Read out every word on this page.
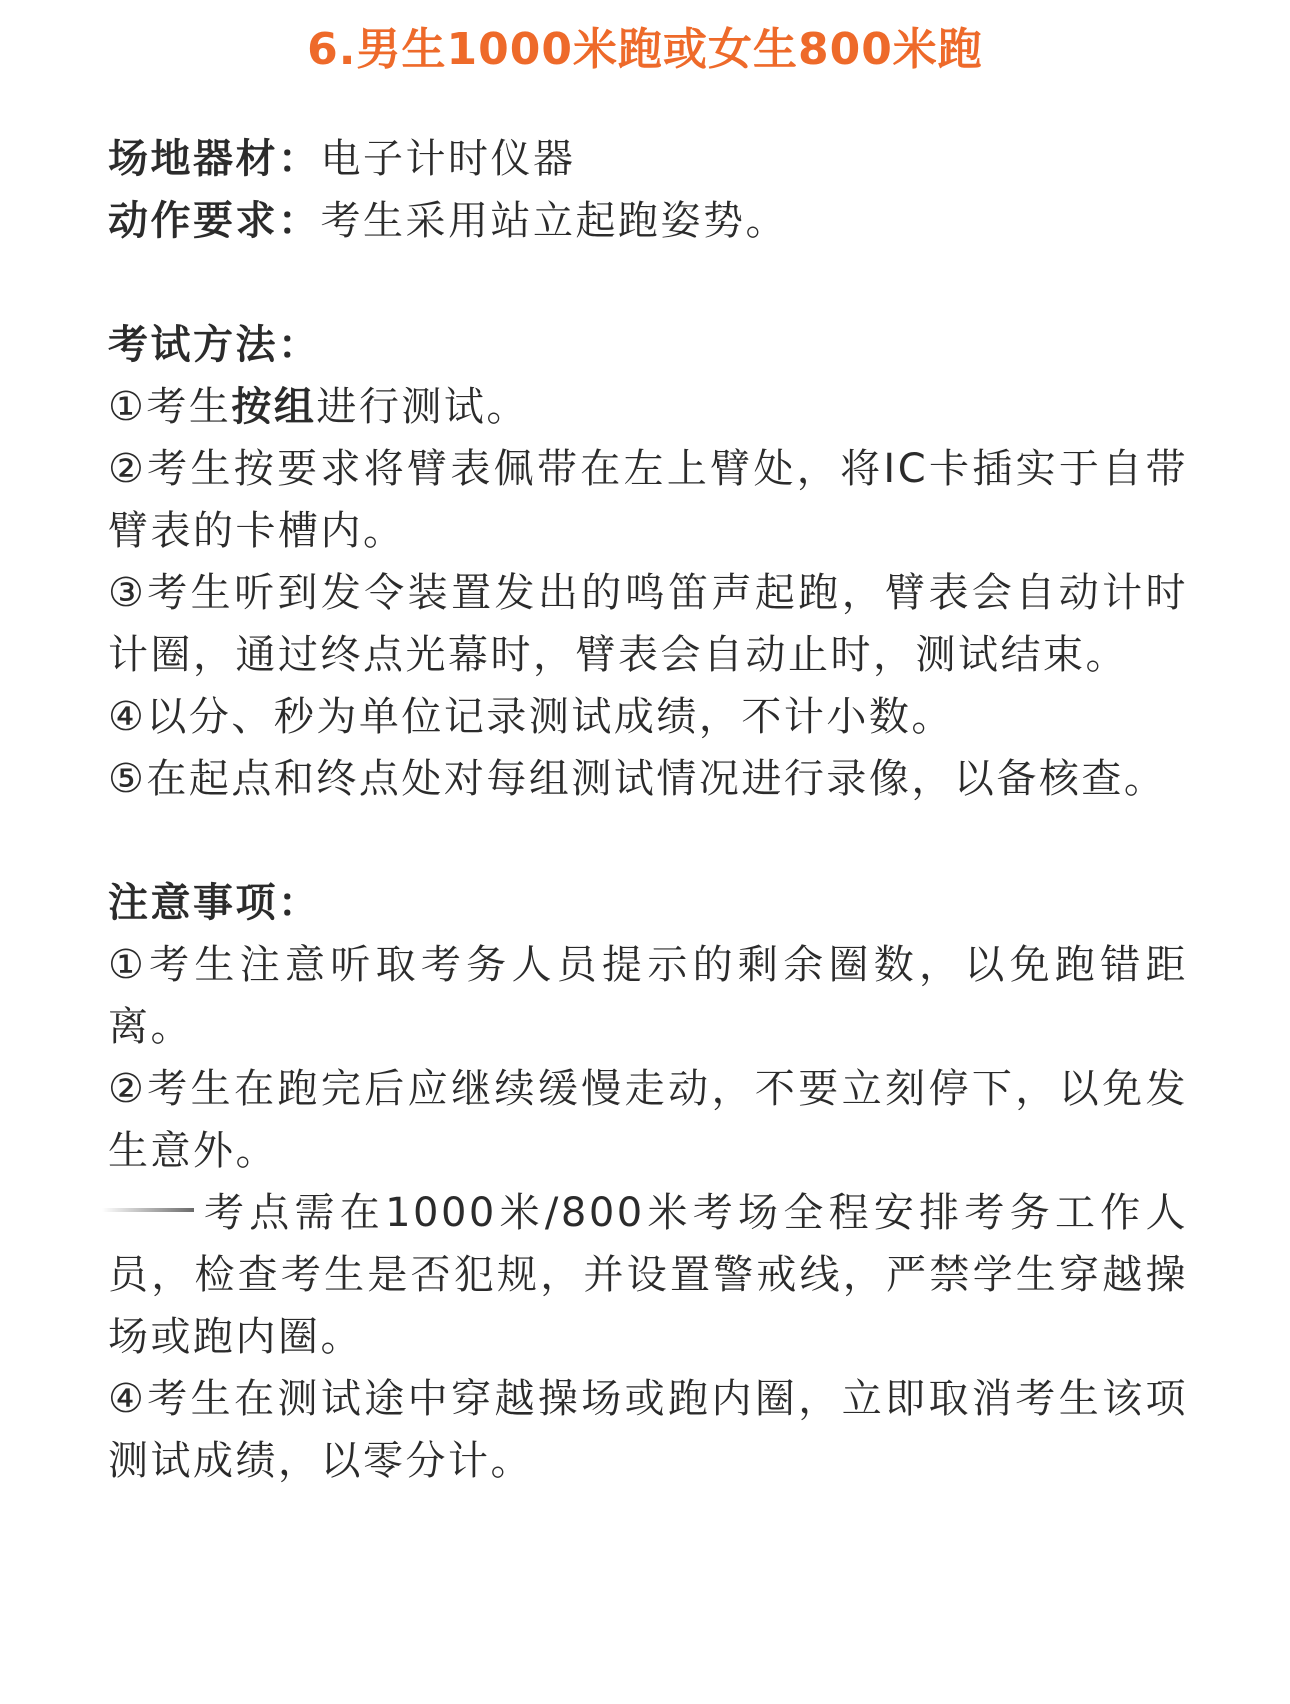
6.男生1000米跑或女生800米跑

场地器材：电子计时仪器

动作要求：考生采用站立起跑姿势。

考试方法：

①考生按组进行测试。

②考生按要求将臂表佩带在左上臂处，将IC卡插实于自带臂表的卡槽内。

③考生听到发令装置发出的鸣笛声起跑，臂表会自动计时计圈，通过终点光幕时，臂表会自动止时，测试结束。

④以分、秒为单位记录测试成绩，不计小数。

⑤在起点和终点处对每组测试情况进行录像，以备核查。

注意事项：

①考生注意听取考务人员提示的剩余圈数，以免跑错距离。

②考生在跑完后应继续缓慢走动，不要立刻停下，以免发生意外。

考点需在1000米/800米考场全程安排考务工作人员，检查考生是否犯规，并设置警戒线，严禁学生穿越操场或跑内圈。

④考生在测试途中穿越操场或跑内圈，立即取消考生该项测试成绩，以零分计。
